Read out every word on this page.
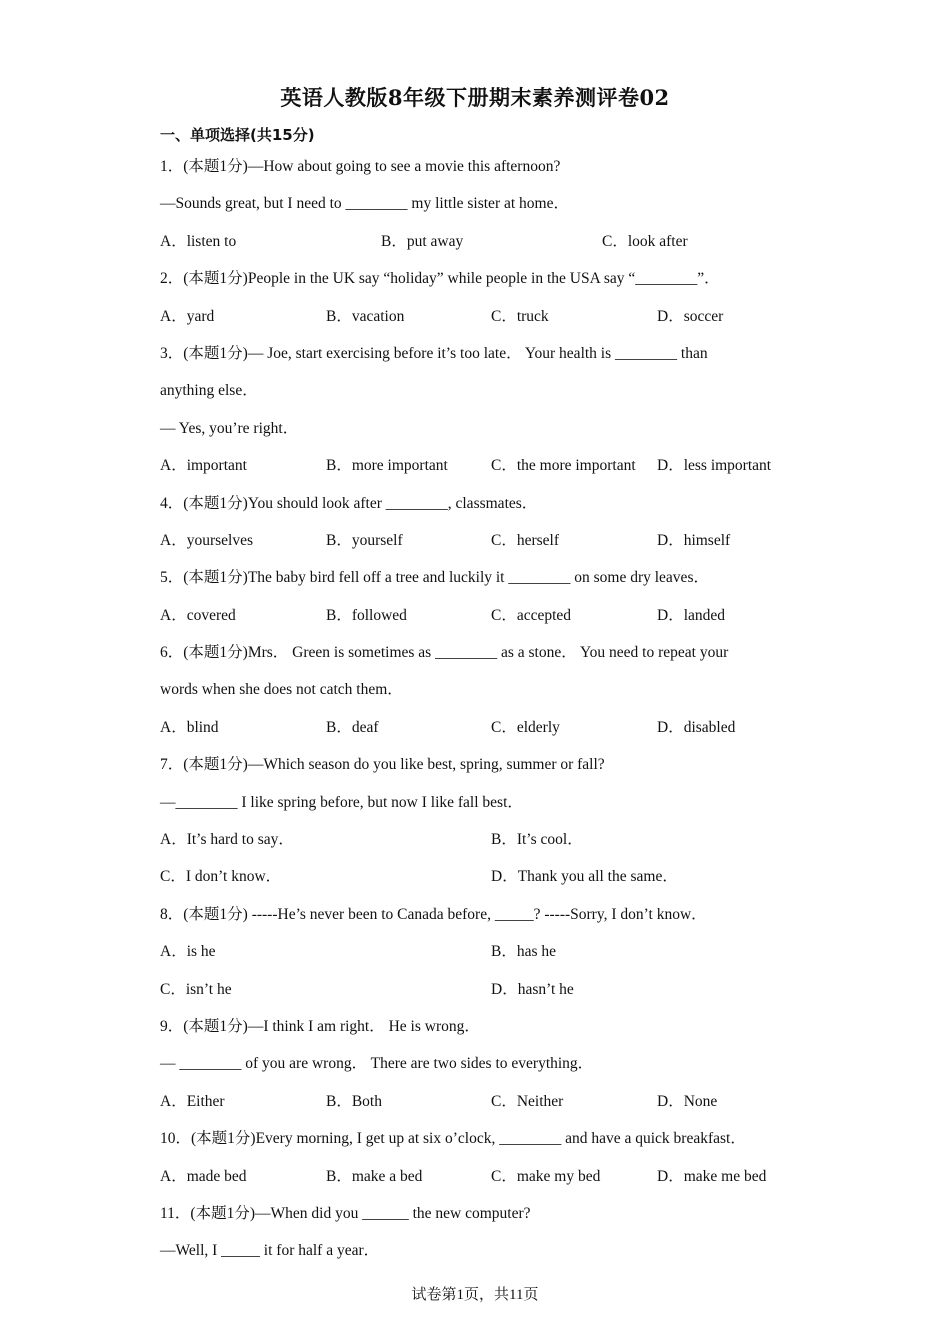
英语人教版8年级下册期末素养测评卷02
一、单项选择(共15分)
1．(本题1分)—How about going to see a movie this afternoon?
—Sounds great, but I need to ________ my little sister at home．
A．listen to	B．put away	C．look after
2．(本题1分)People in the UK say “holiday” while people in the USA say “________”．
A．yard	B．vacation	C．truck	D．soccer
3．(本题1分)— Joe, start exercising before it’s too late． Your health is ________ than
anything else．
— Yes, you’re right．
A．important	B．more important	C．the more important D．less important
4．(本题1分)You should look after ________, classmates．
A．yourselves	B．yourself	C．herself	D．himself
5．(本题1分)The baby bird fell off a tree and luckily it ________ on some dry leaves．
A．covered	B．followed	C．accepted	D．landed
6．(本题1分)Mrs． Green is sometimes as ________ as a stone． You need to repeat your
words when she does not catch them．
A．blind	B．deaf	C．elderly	D．disabled
7．(本题1分)—Which season do you like best, spring, summer or fall?
—________ I like spring before, but now I like fall best．
A．It’s hard to say．	B．It’s cool．
C．I don’t know．	D．Thank you all the same．
8．(本题1分) -----He’s never been to Canada before, _____? -----Sorry, I don’t know．
A．is he	B．has he
C．isn’t he	D．hasn’t he
9．(本题1分)—I think I am right． He is wrong．
— ________ of you are wrong． There are two sides to everything．
A．Either	B．Both	C．Neither	D．None
10．(本题1分)Every morning, I get up at six o’clock, ________ and have a quick breakfast．
A．made bed	B．make a bed	C．make my bed	D．make me bed
11．(本题1分)—When did you ______ the new computer?
—Well, I _____ it for half a year．
试卷第1页，共11页
